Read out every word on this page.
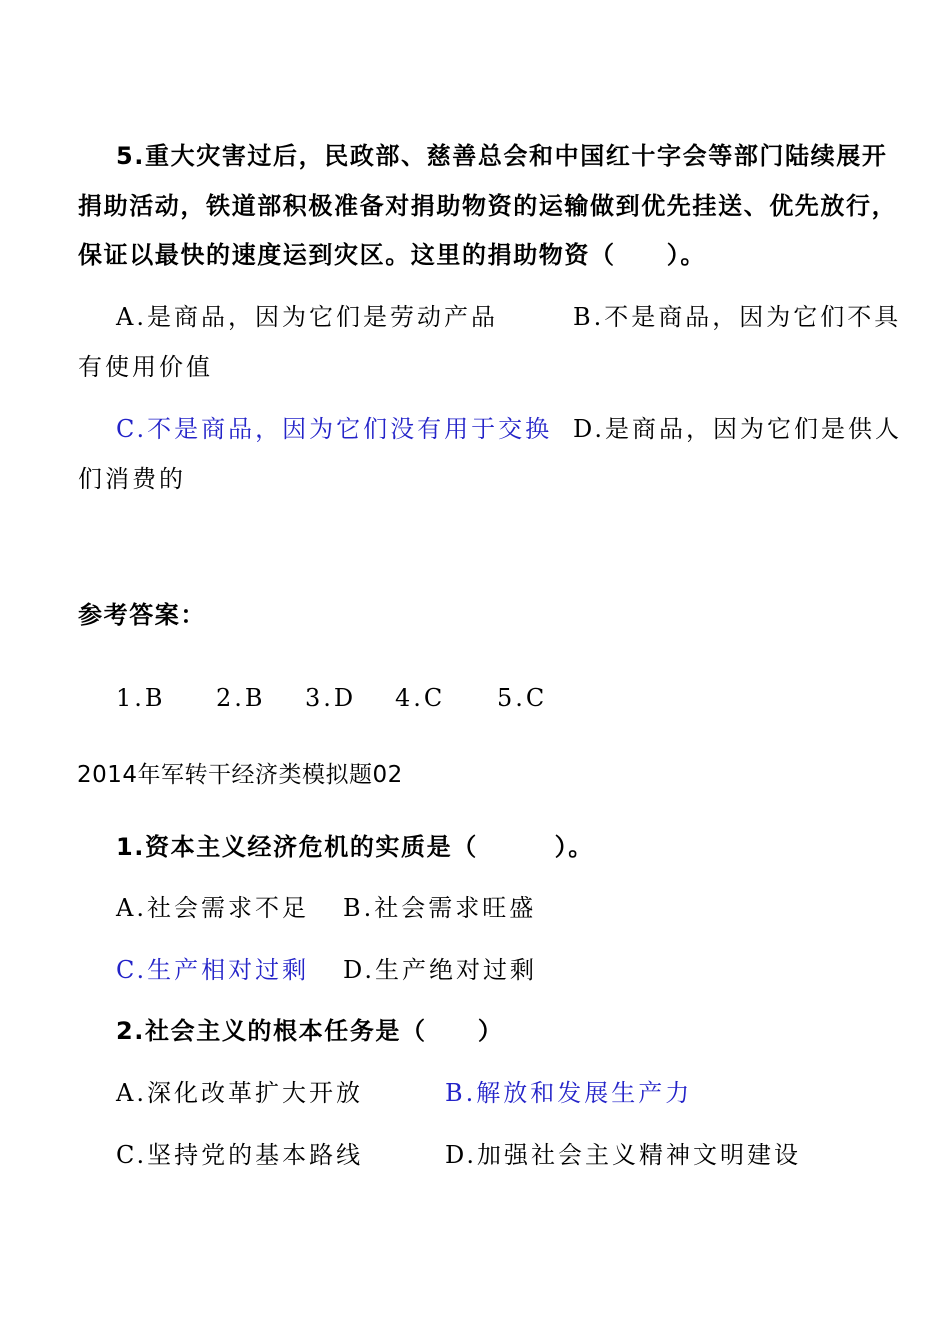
5.重大灾害过后，民政部、慈善总会和中国红十字会等部门陆续展开
捐助活动，铁道部积极准备对捐助物资的运输做到优先挂送、优先放行，
保证以最快的速度运到灾区。这里的捐助物资（　　）。
A.是商品，因为它们是劳动产品	B.不是商品，因为它们不具
有使用价值
C.不是商品，因为它们没有用于交换 D.是商品，因为它们是供人
们消费的
参考答案：
1.B 2.B 3.D 4.C 5.C
2014年军转干经济类模拟题02
1.资本主义经济危机的实质是（　　　）。
A.社会需求不足 B.社会需求旺盛
C.生产相对过剩 D.生产绝对过剩
2.社会主义的根本任务是（　　）
A.深化改革扩大开放	B.解放和发展生产力
C.坚持党的基本路线	D.加强社会主义精神文明建设
